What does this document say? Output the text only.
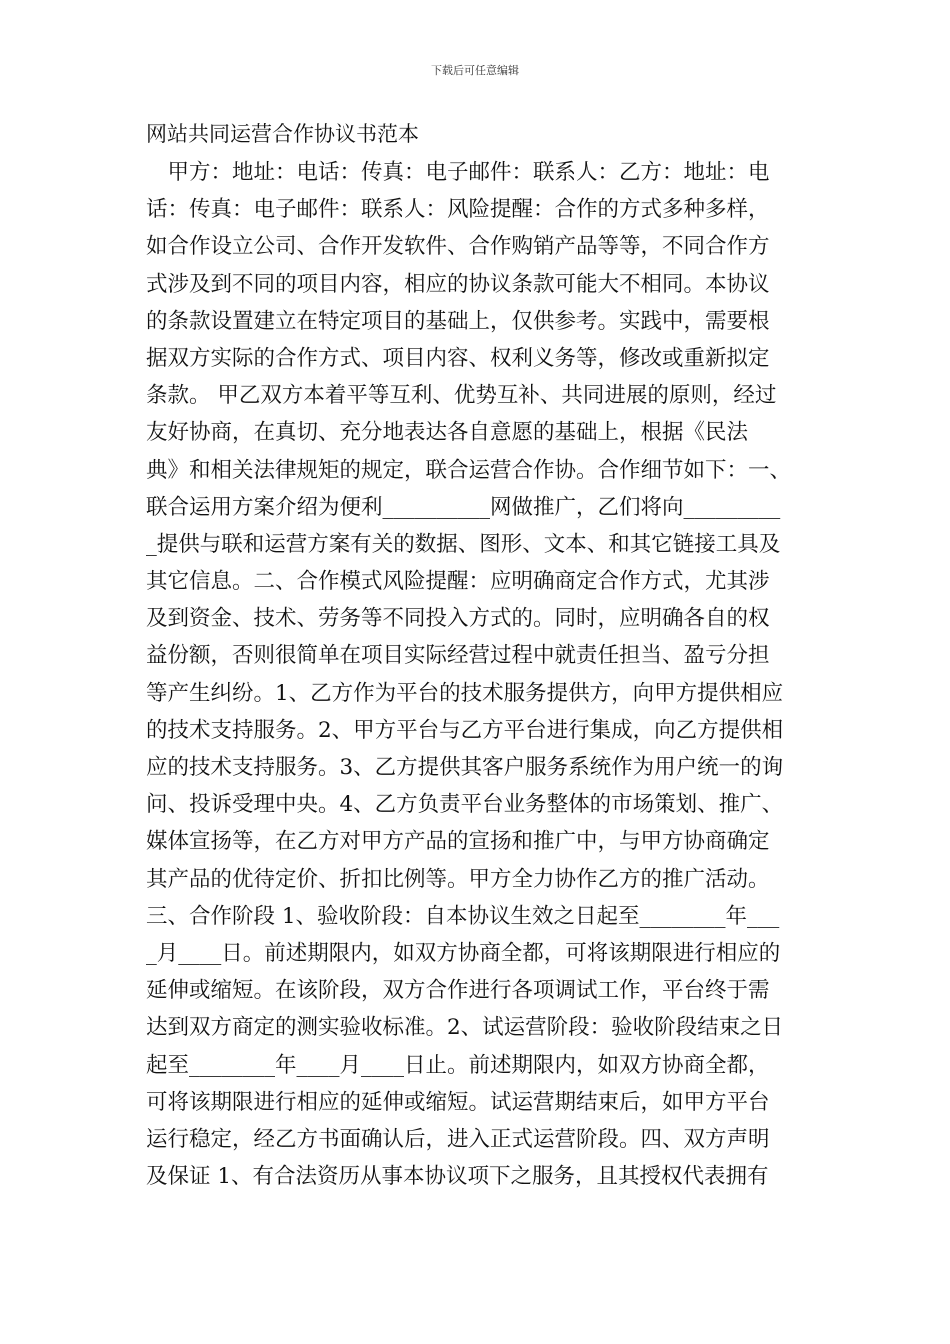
下载后可任意编辑
网站共同运营合作协议书范本
　甲方：地址：电话：传真：电子邮件：联系人：乙方：地址：电
话：传真：电子邮件：联系人：风险提醒：合作的方式多种多样，
如合作设立公司、合作开发软件、合作购销产品等等，不同合作方
式涉及到不同的项目内容，相应的协议条款可能大不相同。本协议
的条款设置建立在特定项目的基础上，仅供参考。实践中，需要根
据双方实际的合作方式、项目内容、权利义务等，修改或重新拟定
条款。 甲乙双方本着平等互利、优势互补、共同进展的原则，经过
友好协商，在真切、充分地表达各自意愿的基础上，根据《民法
典》和相关法律规矩的规定，联合运营合作协。合作细节如下：一、
联合运用方案介绍为便利__________网做推广，乙们将向_________
_提供与联和运营方案有关的数据、图形、文本、和其它链接工具及
其它信息。二、合作模式风险提醒：应明确商定合作方式，尤其涉
及到资金、技术、劳务等不同投入方式的。同时，应明确各自的权
益份额，否则很简单在项目实际经营过程中就责任担当、盈亏分担
等产生纠纷。1、乙方作为平台的技术服务提供方，向甲方提供相应
的技术支持服务。2、甲方平台与乙方平台进行集成，向乙方提供相
应的技术支持服务。3、乙方提供其客户服务系统作为用户统一的询
问、投诉受理中央。4、乙方负责平台业务整体的市场策划、推广、
媒体宣扬等，在乙方对甲方产品的宣扬和推广中，与甲方协商确定
其产品的优待定价、折扣比例等。甲方全力协作乙方的推广活动。
三、合作阶段 1、验收阶段：自本协议生效之日起至________年___
_月____日。前述期限内，如双方协商全都，可将该期限进行相应的
延伸或缩短。在该阶段，双方合作进行各项调试工作，平台终于需
达到双方商定的测实验收标准。2、试运营阶段：验收阶段结束之日
起至________年____月____日止。前述期限内，如双方协商全都，
可将该期限进行相应的延伸或缩短。试运营期结束后，如甲方平台
运行稳定，经乙方书面确认后，进入正式运营阶段。四、双方声明
及保证 1、有合法资历从事本协议项下之服务，且其授权代表拥有
